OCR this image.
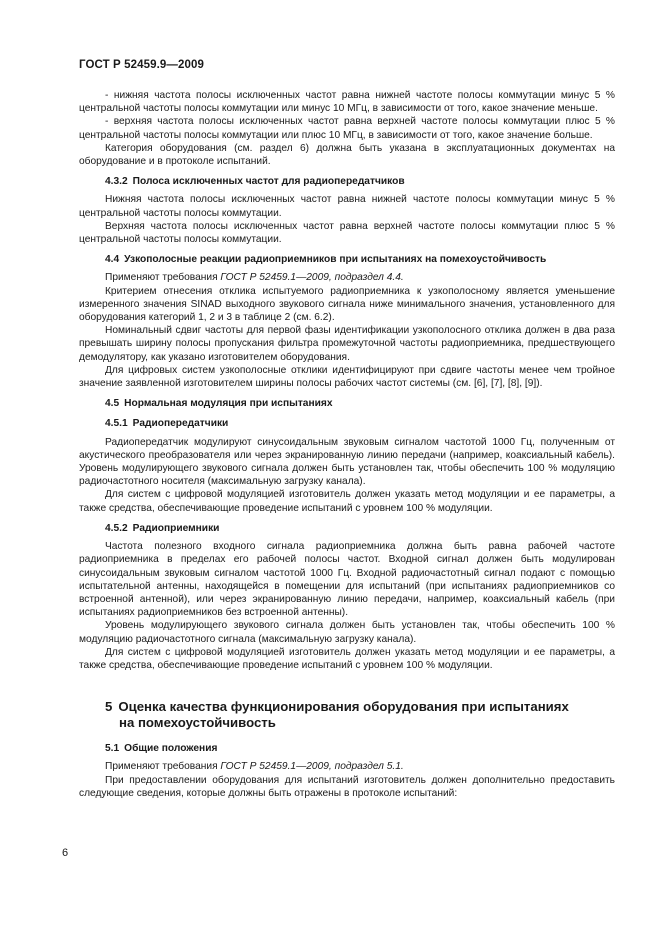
ГОСТ Р 52459.9—2009

- нижняя частота полосы исключенных частот равна нижней частоте полосы коммутации минус 5 % центральной частоты полосы коммутации или минус 10 МГц, в зависимости от того, какое значение меньше.

- верхняя частота полосы исключенных частот равна верхней частоте полосы коммутации плюс 5 % центральной частоты полосы коммутации или плюс 10 МГц, в зависимости от того, какое значение больше.

Категория оборудования (см. раздел 6) должна быть указана в эксплуатационных документах на оборудование и в протоколе испытаний.

4.3.2 Полоса исключенных частот для радиопередатчиков

Нижняя частота полосы исключенных частот равна нижней частоте полосы коммутации минус 5 % центральной частоты полосы коммутации.

Верхняя частота полосы исключенных частот равна верхней частоте полосы коммутации плюс 5 % центральной частоты полосы коммутации.

4.4 Узкополосные реакции радиоприемников при испытаниях на помехоустойчивость

Применяют требования ГОСТ Р 52459.1—2009, подраздел 4.4.

Критерием отнесения отклика испытуемого радиоприемника к узкополосному является уменьшение измеренного значения SINAD выходного звукового сигнала ниже минимального значения, установленного для оборудования категорий 1, 2 и 3 в таблице 2 (см. 6.2).

Номинальный сдвиг частоты для первой фазы идентификации узкополосного отклика должен в два раза превышать ширину полосы пропускания фильтра промежуточной частоты радиоприемника, предшествующего демодулятору, как указано изготовителем оборудования.

Для цифровых систем узкополосные отклики идентифицируют при сдвиге частоты менее чем тройное значение заявленной изготовителем ширины полосы рабочих частот системы (см. [6], [7], [8], [9]).

4.5 Нормальная модуляция при испытаниях
4.5.1 Радиопередатчики

Радиопередатчик модулируют синусоидальным звуковым сигналом частотой 1000 Гц, полученным от акустического преобразователя или через экранированную линию передачи (например, коаксиальный кабель). Уровень модулирующего звукового сигнала должен быть установлен так, чтобы обеспечить 100 % модуляцию радиочастотного носителя (максимальную загрузку канала).

Для систем с цифровой модуляцией изготовитель должен указать метод модуляции и ее параметры, а также средства, обеспечивающие проведение испытаний с уровнем 100 % модуляции.

4.5.2 Радиоприемники

Частота полезного входного сигнала радиоприемника должна быть равна рабочей частоте радиоприемника в пределах его рабочей полосы частот. Входной сигнал должен быть модулирован синусоидальным звуковым сигналом частотой 1000 Гц. Входной радиочастотный сигнал подают с помощью испытательной антенны, находящейся в помещении для испытаний (при испытаниях радиоприемников со встроенной антенной), или через экранированную линию передачи, например, коаксиальный кабель (при испытаниях радиоприемников без встроенной антенны).

Уровень модулирующего звукового сигнала должен быть установлен так, чтобы обеспечить 100 % модуляцию радиочастотного сигнала (максимальную загрузку канала).

Для систем с цифровой модуляцией изготовитель должен указать метод модуляции и ее параметры, а также средства, обеспечивающие проведение испытаний с уровнем 100 % модуляции.

5 Оценка качества функционирования оборудования при испытаниях
на помехоустойчивость
5.1 Общие положения

Применяют требования ГОСТ Р 52459.1—2009, подраздел 5.1.

При предоставлении оборудования для испытаний изготовитель должен дополнительно предоставить следующие сведения, которые должны быть отражены в протоколе испытаний:

6
